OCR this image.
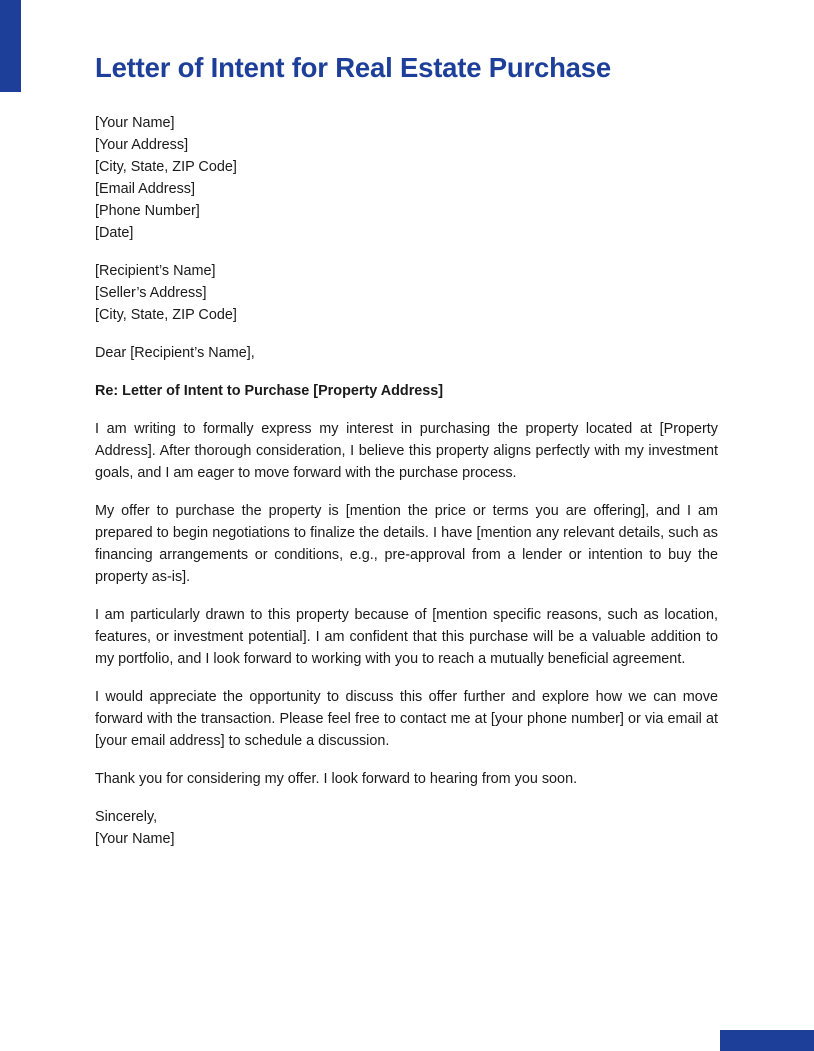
Letter of Intent for Real Estate Purchase
[Your Name]
[Your Address]
[City, State, ZIP Code]
[Email Address]
[Phone Number]
[Date]
[Recipient’s Name]
[Seller’s Address]
[City, State, ZIP Code]

Dear [Recipient’s Name],

Re: Letter of Intent to Purchase [Property Address]

I am writing to formally express my interest in purchasing the property located at [Property Address]. After thorough consideration, I believe this property aligns perfectly with my investment goals, and I am eager to move forward with the purchase process.

My offer to purchase the property is [mention the price or terms you are offering], and I am prepared to begin negotiations to finalize the details. I have [mention any relevant details, such as financing arrangements or conditions, e.g., pre-approval from a lender or intention to buy the property as-is].

I am particularly drawn to this property because of [mention specific reasons, such as location, features, or investment potential]. I am confident that this purchase will be a valuable addition to my portfolio, and I look forward to working with you to reach a mutually beneficial agreement.

I would appreciate the opportunity to discuss this offer further and explore how we can move forward with the transaction. Please feel free to contact me at [your phone number] or via email at [your email address] to schedule a discussion.

Thank you for considering my offer. I look forward to hearing from you soon.

Sincerely,
[Your Name]
